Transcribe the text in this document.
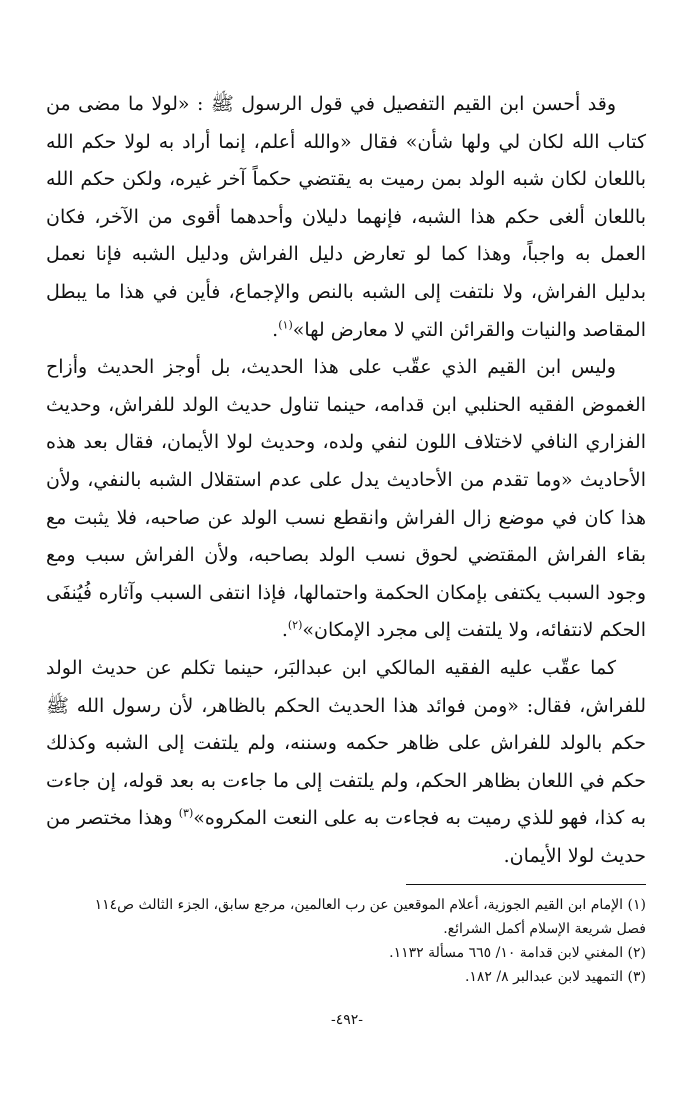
وقد أحسن ابن القيم التفصيل في قول الرسول ﷺ : «لولا ما مضى من كتاب الله لكان لي ولها شأن» فقال «والله أعلم، إنما أراد به لولا حكم الله باللعان لكان شبه الولد بمن رميت به يقتضي حكماً آخر غيره، ولكن حكم الله باللعان ألغى حكم هذا الشبه، فإنهما دليلان وأحدهما أقوى من الآخر، فكان العمل به واجباً، وهذا كما لو تعارض دليل الفراش ودليل الشبه فإنا نعمل بدليل الفراش، ولا نلتفت إلى الشبه بالنص والإجماع، فأين في هذا ما يبطل المقاصد والنيات والقرائن التي لا معارض لها»$^{(١)}$.

وليس ابن القيم الذي عقّب على هذا الحديث، بل أوجز الحديث وأزاح الغموض الفقيه الحنلبي ابن قدامه، حينما تناول حديث الولد للفراش، وحديث الفزاري النافي لاختلاف اللون لنفي ولده، وحديث لولا الأيمان، فقال بعد هذه الأحاديث «وما تقدم من الأحاديث يدل على عدم استقلال الشبه بالنفي، ولأن هذا كان في موضع زال الفراش وانقطع نسب الولد عن صاحبه، فلا يثبت مع بقاء الفراش المقتضي لحوق نسب الولد بصاحبه، ولأن الفراش سبب ومع وجود السبب يكتفى بإمكان الحكمة واحتمالها، فإذا انتفى السبب وآثاره فُيُنفَى الحكم لانتفائه، ولا يلتفت إلى مجرد الإمكان»$^{(٢)}$.

كما عقّب عليه الفقيه المالكي ابن عبدالبَر، حينما تكلم عن حديث الولد للفراش، فقال: «ومن فوائد هذا الحديث الحكم بالظاهر، لأن رسول الله ﷺ حكم بالولد للفراش على ظاهر حكمه وسننه، ولم يلتفت إلى الشبه وكذلك حكم في اللعان بظاهر الحكم، ولم يلتفت إلى ما جاءت به بعد قوله، إن جاءت به كذا، فهو للذي رميت به فجاءت به على النعت المكروه»$^{(٣)}$ وهذا مختصر من حديث لولا الأيمان.

(١) الإمام ابن القيم الجوزية، أعلام الموقعين عن رب العالمين، مرجع سابق، الجزء الثالث ص١١٤

فصل شريعة الإسلام أكمل الشرائع.

(٢) المغني لابن قدامة ١٠/ ٦٦٥ مسألة ١١٣٢.

(٣) التمهيد لابن عبدالبر ٨/ ١٨٢.

-٤٩٢-
